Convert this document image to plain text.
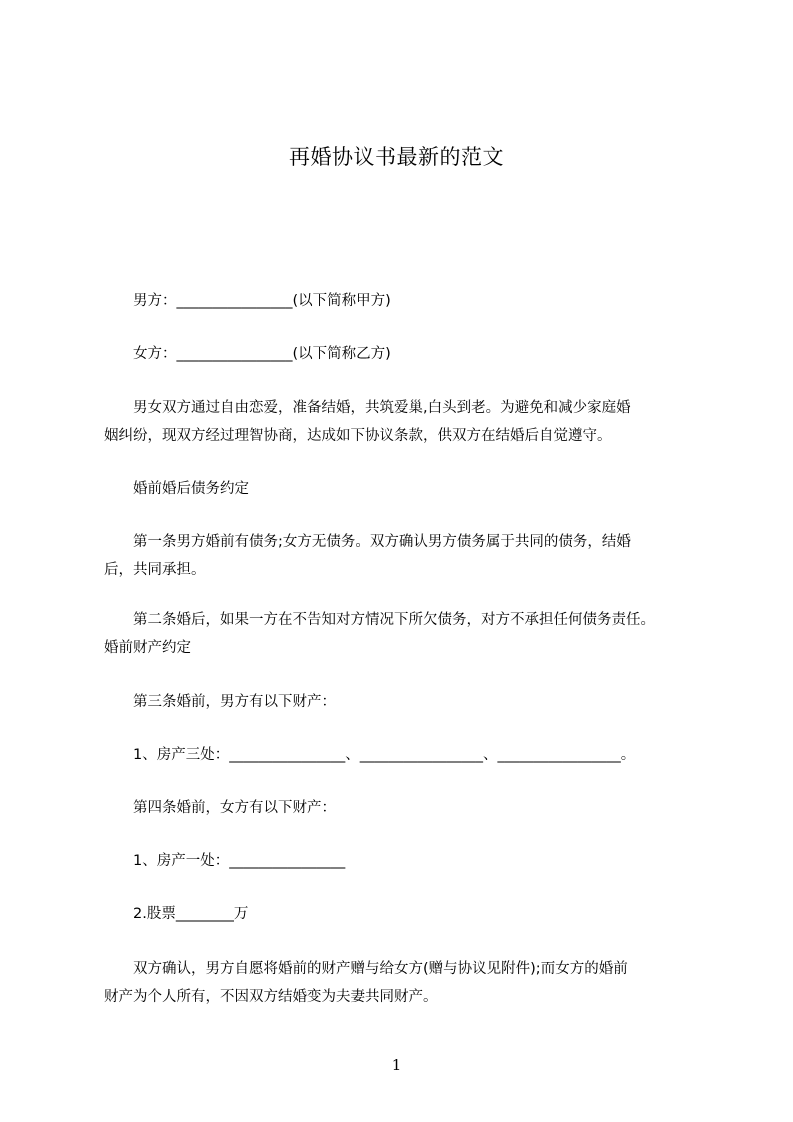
再婚协议书最新的范文

　　男方：________________(以下简称甲方)

　　女方：________________(以下简称乙方)

　　男女双方通过自由恋爱，准备结婚，共筑爱巢,白头到老。为避免和减少家庭婚

姻纠纷，现双方经过理智协商，达成如下协议条款，供双方在结婚后自觉遵守。

　　婚前婚后债务约定

　　第一条男方婚前有债务;女方无债务。双方确认男方债务属于共同的债务，结婚

后，共同承担。

　　第二条婚后，如果一方在不告知对方情况下所欠债务，对方不承担任何债务责任。

婚前财产约定

　　第三条婚前，男方有以下财产：

　　1、房产三处：________________、_________________、_________________。

　　第四条婚前，女方有以下财产：

　　1、房产一处：________________

　　2.股票________万

　　双方确认，男方自愿将婚前的财产赠与给女方(赠与协议见附件);而女方的婚前

财产为个人所有，不因双方结婚变为夫妻共同财产。

1
